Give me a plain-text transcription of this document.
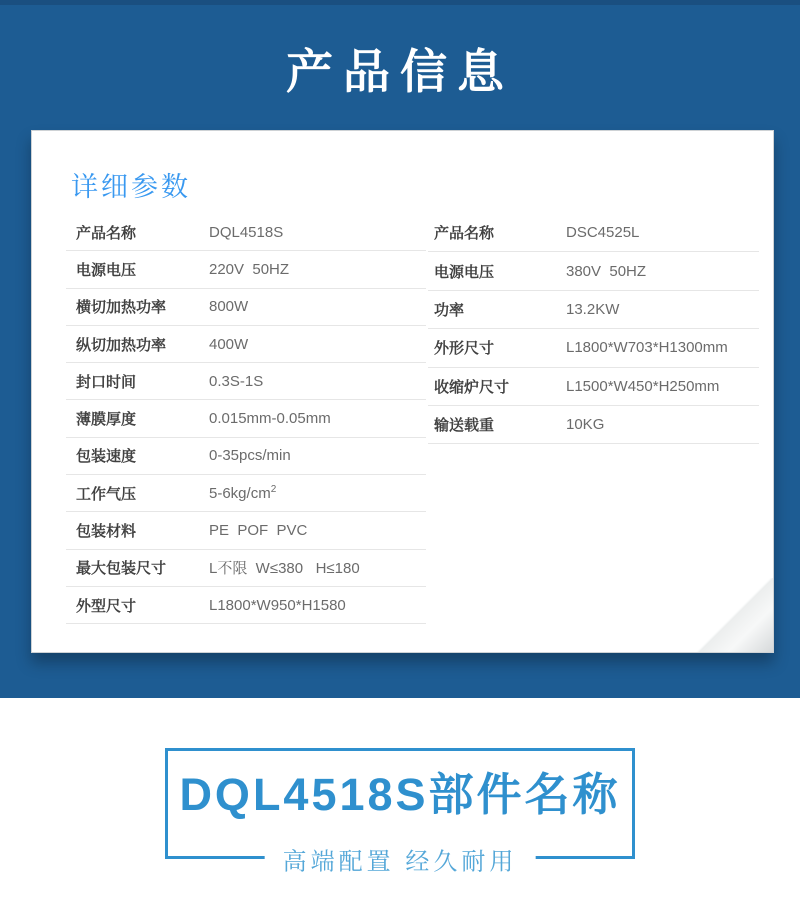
产品信息
详细参数
产品名称	DQL4518S
电源电压	220V  50HZ
横切加热功率	800W
纵切加热功率	400W
封口时间	0.3S-1S
薄膜厚度	0.015mm-0.05mm
包装速度	0-35pcs/min
工作气压	$5-6kg/cm^2$
包装材料	PE  POF  PVC
最大包装尺寸	L不限  W≤380   H≤180
外型尺寸	L1800*W950*H1580
产品名称	DSC4525L
电源电压	380V  50HZ
功率	13.2KW
外形尺寸	L1800*W703*H1300mm
收缩炉尺寸	L1500*W450*H250mm
输送载重	10KG
DQL4518S部件名称
高端配置 经久耐用
